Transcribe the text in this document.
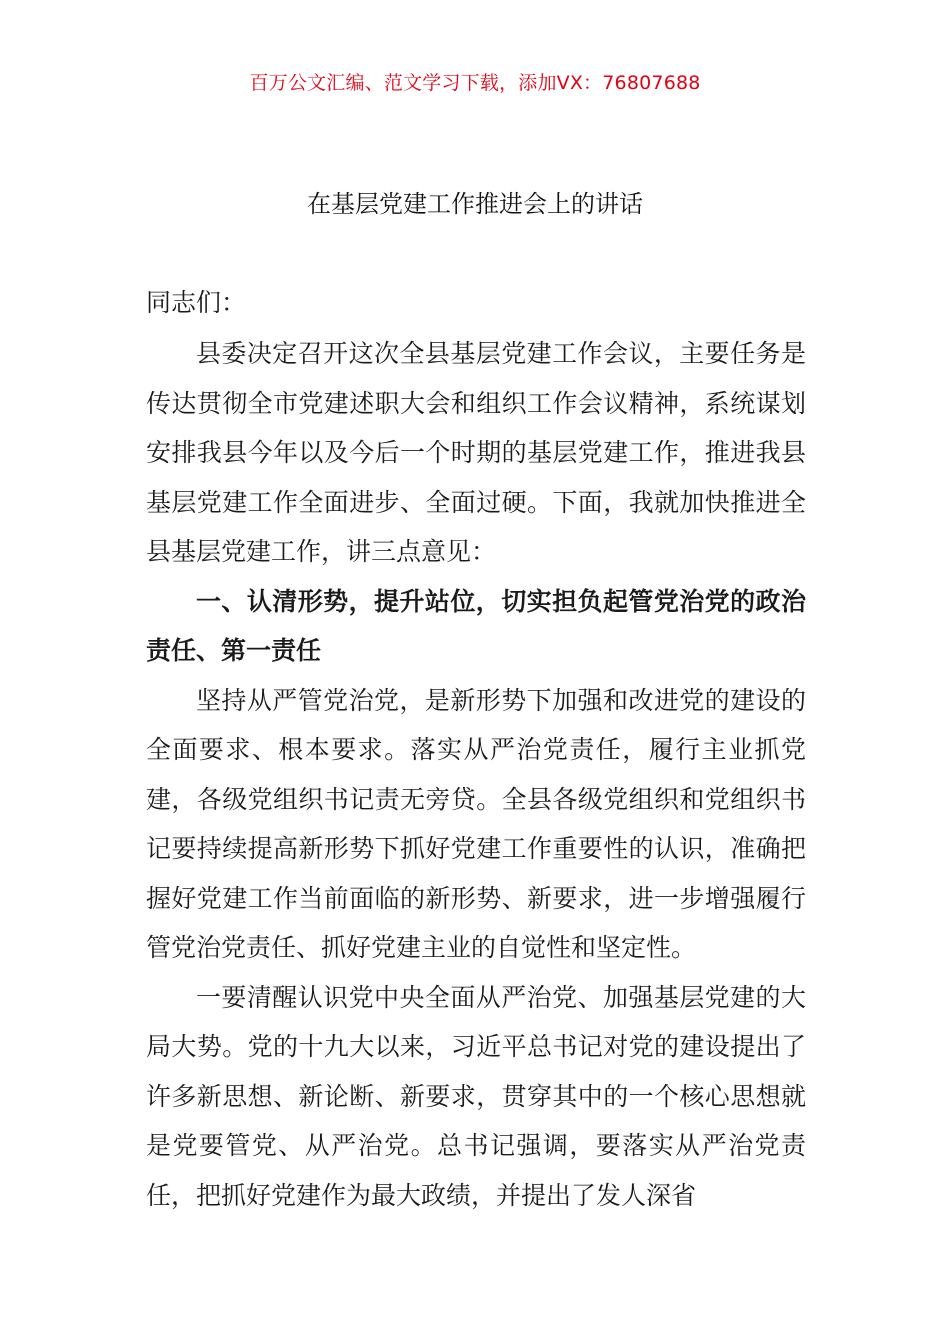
百万公文汇编、范文学习下载，添加VX：76807688
在基层党建工作推进会上的讲话
同志们：

县委决定召开这次全县基层党建工作会议，主要任务是传达贯彻全市党建述职大会和组织工作会议精神，系统谋划安排我县今年以及今后一个时期的基层党建工作，推进我县基层党建工作全面进步、全面过硬。下面，我就加快推进全县基层党建工作，讲三点意见：

一、认清形势，提升站位，切实担负起管党治党的政治责任、第一责任

坚持从严管党治党，是新形势下加强和改进党的建设的全面要求、根本要求。落实从严治党责任，履行主业抓党建，各级党组织书记责无旁贷。全县各级党组织和党组织书记要持续提高新形势下抓好党建工作重要性的认识，准确把握好党建工作当前面临的新形势、新要求，进一步增强履行管党治党责任、抓好党建主业的自觉性和坚定性。

一要清醒认识党中央全面从严治党、加强基层党建的大局大势。党的十九大以来，习近平总书记对党的建设提出了许多新思想、新论断、新要求，贯穿其中的一个核心思想就是党要管党、从严治党。总书记强调，要落实从严治党责任，把抓好党建作为最大政绩，并提出了发人深省
